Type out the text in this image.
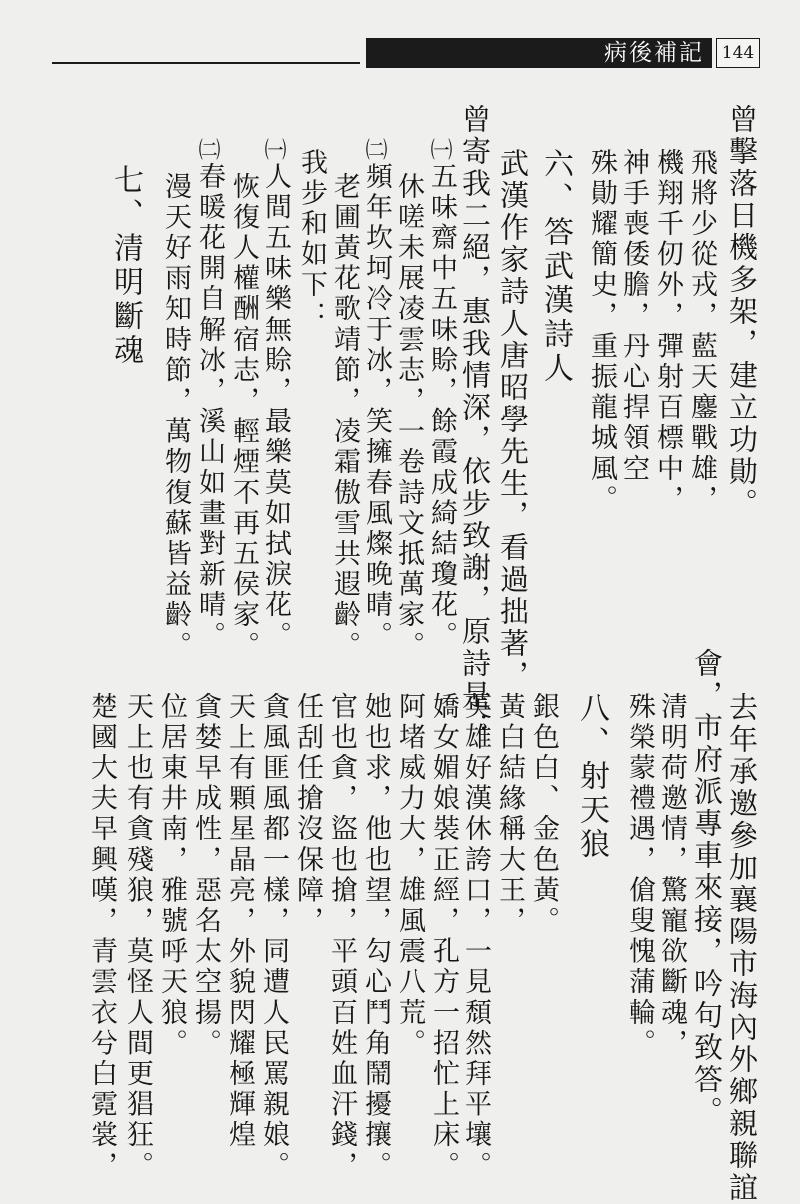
病後補記	144
曾擊落日機多架，建立功勛。
飛將少從戎，藍天鏖戰雄，
機翔千仞外，彈射百標中，
神手喪倭膽，丹心捍領空
殊勛耀簡史，重振龍城風。
六、答武漢詩人
武漢作家詩人唐昭學先生，看過拙著，
曾寄我二絕，惠我情深，依步致謝，原詩是：
㈠五味齋中五味賒，餘霞成綺結瓊花。
休嗟未展凌雲志，一卷詩文抵萬家。
㈡頻年坎坷冷于冰，笑擁春風燦晚晴。
老圃黃花歌靖節，凌霜傲雪共遐齡。
我步和如下：
㈠人間五味樂無賒，最樂莫如拭淚花。
恢復人權酬宿志，輕煙不再五侯家。
㈡春暖花開自解冰，溪山如畫對新晴。
漫天好雨知時節，萬物復蘇皆益齡。
七、清明斷魂
去年承邀參加襄陽市海內外鄉親聯誼
會，市府派專車來接，吟句致答。
清明荷邀情，驚寵欲斷魂，
殊榮蒙禮遇，傖叟愧蒲輪。
八、射天狼
銀色白、金色黃。
黃白結緣稱大王，
英雄好漢休誇口，一見頹然拜平壤。
嬌女媚娘裝正經，孔方一招忙上床。
阿堵威力大，雄風震八荒。
她也求，他也望，勾心鬥角鬧擾攘。
官也貪，盜也搶，平頭百姓血汗錢，
任刮任搶沒保障，
貪風匪風都一樣，同遭人民罵親娘。
天上有顆星晶亮，外貌閃耀極輝煌
貪婪早成性，惡名太空揚。
位居東井南，雅號呼天狼。
天上也有貪殘狼，莫怪人間更猖狂。
楚國大夫早興嘆，青雲衣兮白霓裳，
